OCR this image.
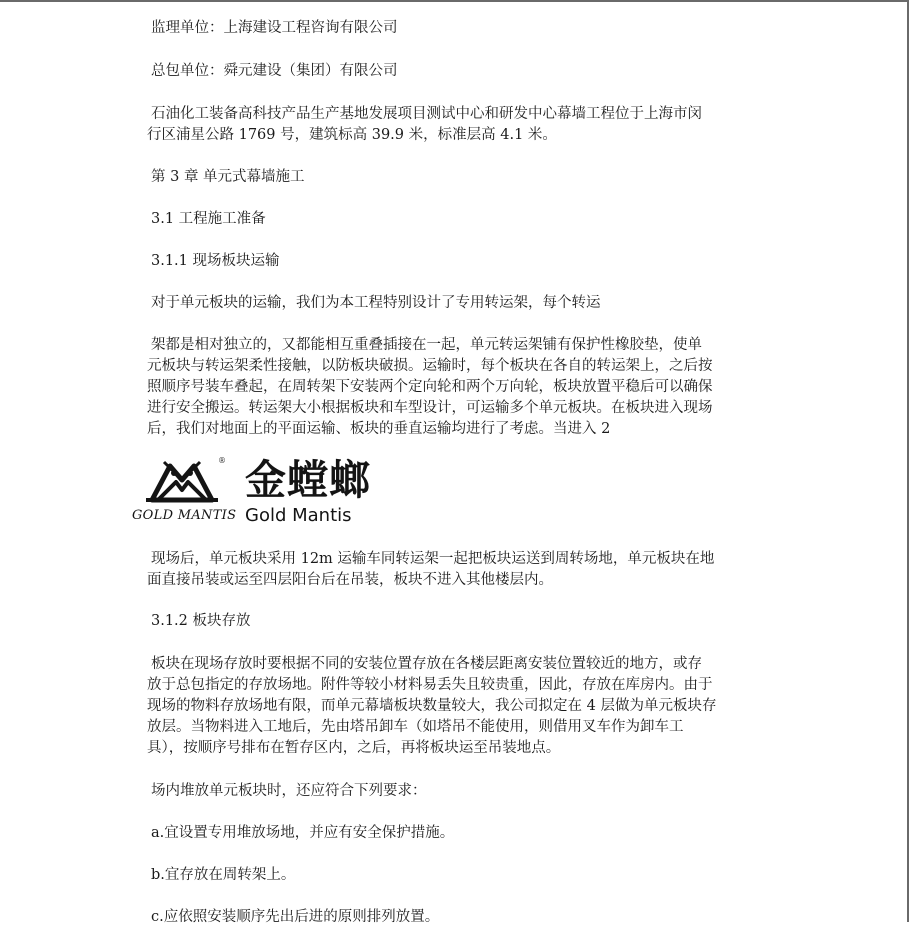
监理单位：上海建设工程咨询有限公司

总包单位：舜元建设（集团）有限公司

石油化工装备高科技产品生产基地发展项目测试中心和研发中心幕墙工程位于上海市闵
行区浦星公路 1769 号，建筑标高 39.9 米，标准层高 4.1 米。

第 3 章 单元式幕墙施工

3.1 工程施工准备

3.1.1 现场板块运输

对于单元板块的运输，我们为本工程特别设计了专用转运架，每个转运

架都是相对独立的，又都能相互重叠插接在一起，单元转运架铺有保护性橡胶垫，使单
元板块与转运架柔性接触，以防板块破损。运输时，每个板块在各自的转运架上，之后按
照顺序号装车叠起，在周转架下安装两个定向轮和两个万向轮，板块放置平稳后可以确保
进行安全搬运。转运架大小根据板块和车型设计，可运输多个单元板块。在板块进入现场
后，我们对地面上的平面运输、板块的垂直运输均进行了考虑。当进入 2
®
GOLD MANTIS
金螳螂
Gold Mantis
现场后，单元板块采用 12m 运输车同转运架一起把板块运送到周转场地，单元板块在地
面直接吊装或运至四层阳台后在吊装，板块不进入其他楼层内。

3.1.2 板块存放

板块在现场存放时要根据不同的安装位置存放在各楼层距离安装位置较近的地方，或存
放于总包指定的存放场地。附件等较小材料易丢失且较贵重，因此，存放在库房内。由于
现场的物料存放场地有限，而单元幕墙板块数量较大，我公司拟定在 4 层做为单元板块存
放层。当物料进入工地后，先由塔吊卸车（如塔吊不能使用，则借用叉车作为卸车工
具），按顺序号排布在暂存区内，之后，再将板块运至吊装地点。

场内堆放单元板块时，还应符合下列要求：

a.宜设置专用堆放场地，并应有安全保护措施。

b.宜存放在周转架上。

c.应依照安装顺序先出后进的原则排列放置。
